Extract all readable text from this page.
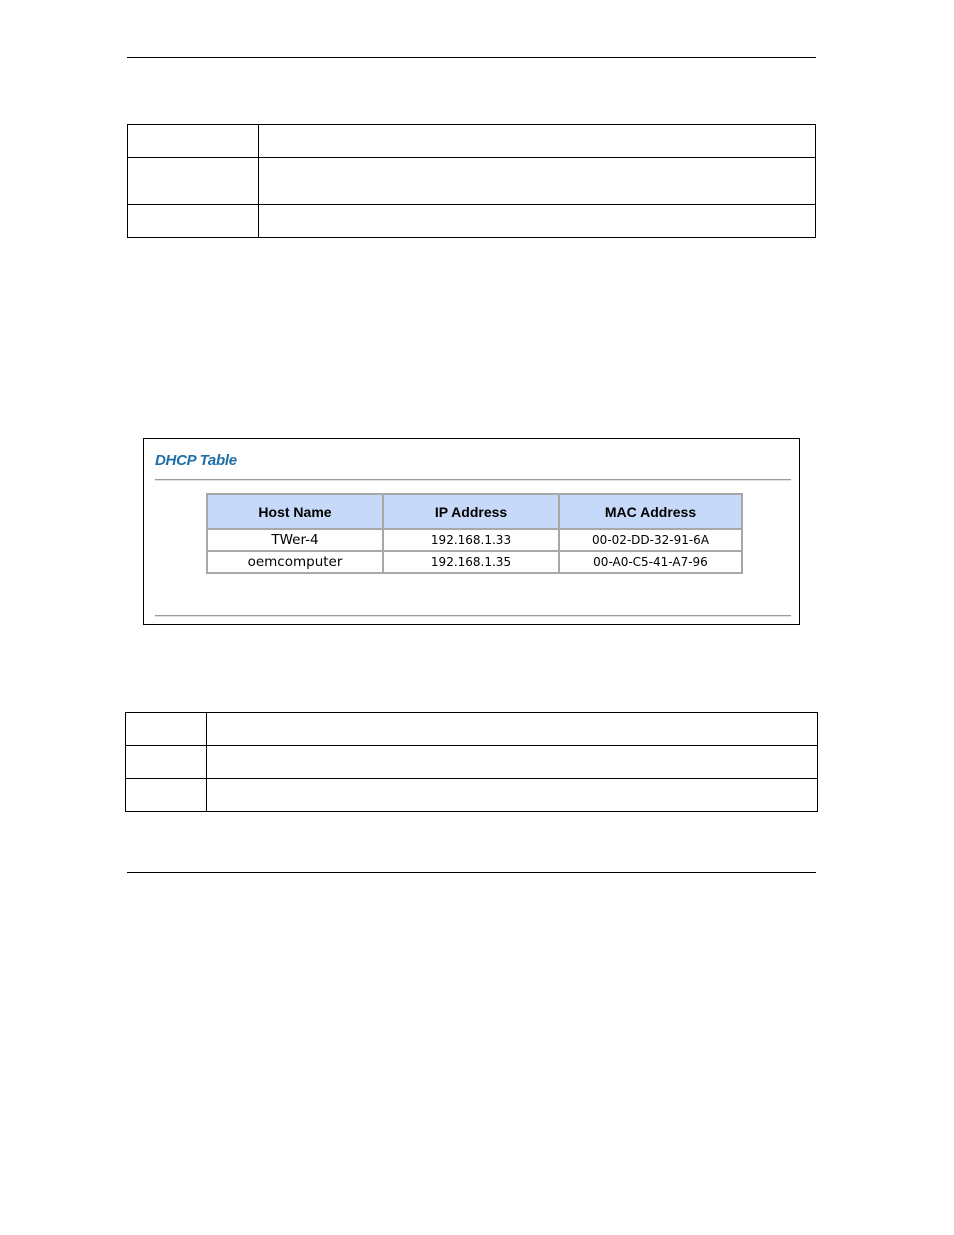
DHCP Table
Host Name	IP Address	MAC Address
TWer-4	192.168.1.33	00-02-DD-32-91-6A
oemcomputer	192.168.1.35	00-A0-C5-41-A7-96
